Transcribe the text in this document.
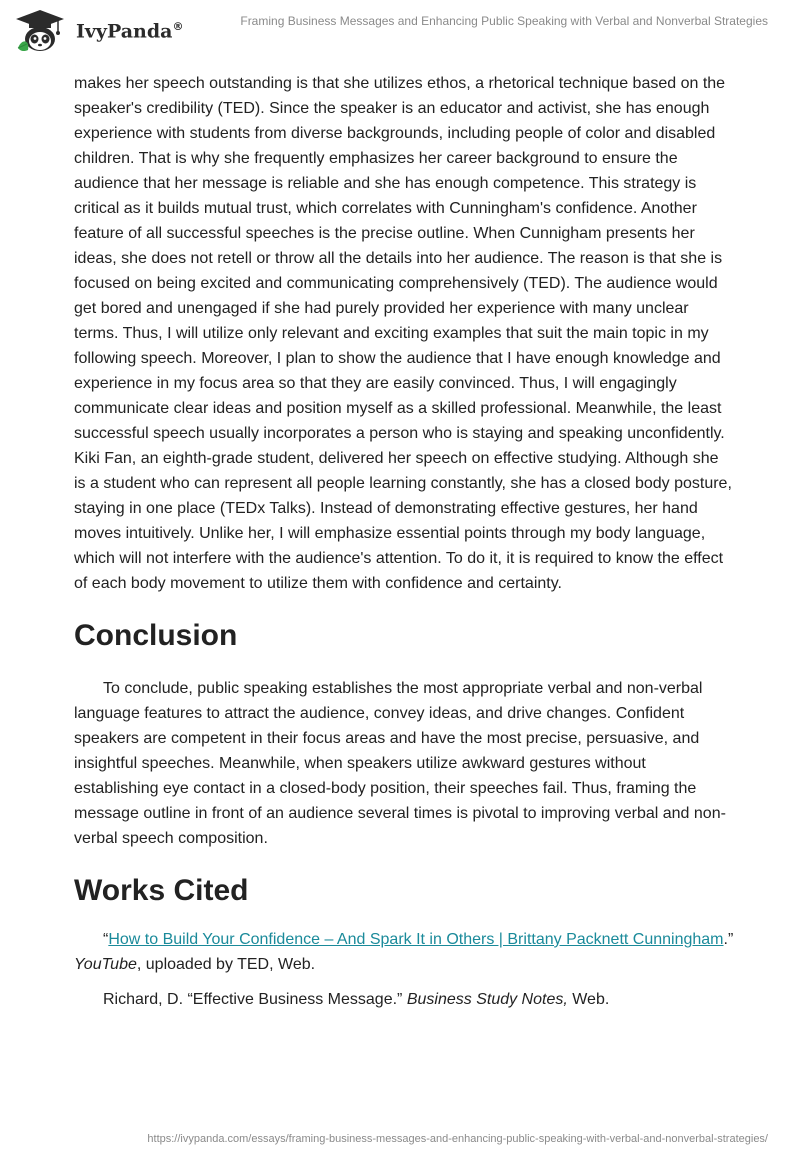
IvyPanda®	Framing Business Messages and Enhancing Public Speaking with Verbal and Nonverbal Strategies

makes her speech outstanding is that she utilizes ethos, a rhetorical technique based on the speaker's credibility (TED). Since the speaker is an educator and activist, she has enough experience with students from diverse backgrounds, including people of color and disabled children. That is why she frequently emphasizes her career background to ensure the audience that her message is reliable and she has enough competence. This strategy is critical as it builds mutual trust, which correlates with Cunningham's confidence. Another feature of all successful speeches is the precise outline. When Cunnigham presents her ideas, she does not retell or throw all the details into her audience. The reason is that she is focused on being excited and communicating comprehensively (TED). The audience would get bored and unengaged if she had purely provided her experience with many unclear terms. Thus, I will utilize only relevant and exciting examples that suit the main topic in my following speech. Moreover, I plan to show the audience that I have enough knowledge and experience in my focus area so that they are easily convinced. Thus, I will engagingly communicate clear ideas and position myself as a skilled professional. Meanwhile, the least successful speech usually incorporates a person who is staying and speaking unconfidently. Kiki Fan, an eighth-grade student, delivered her speech on effective studying. Although she is a student who can represent all people learning constantly, she has a closed body posture, staying in one place (TEDx Talks). Instead of demonstrating effective gestures, her hand moves intuitively. Unlike her, I will emphasize essential points through my body language, which will not interfere with the audience's attention. To do it, it is required to know the effect of each body movement to utilize them with confidence and certainty.

Conclusion

To conclude, public speaking establishes the most appropriate verbal and non-verbal language features to attract the audience, convey ideas, and drive changes. Confident speakers are competent in their focus areas and have the most precise, persuasive, and insightful speeches. Meanwhile, when speakers utilize awkward gestures without establishing eye contact in a closed-body position, their speeches fail. Thus, framing the message outline in front of an audience several times is pivotal to improving verbal and non-verbal speech composition.

Works Cited

“How to Build Your Confidence – And Spark It in Others | Brittany Packnett Cunningham.” YouTube, uploaded by TED, Web.

Richard, D. “Effective Business Message.” Business Study Notes, Web.

https://ivypanda.com/essays/framing-business-messages-and-enhancing-public-speaking-with-verbal-and-nonverbal-strategies/
